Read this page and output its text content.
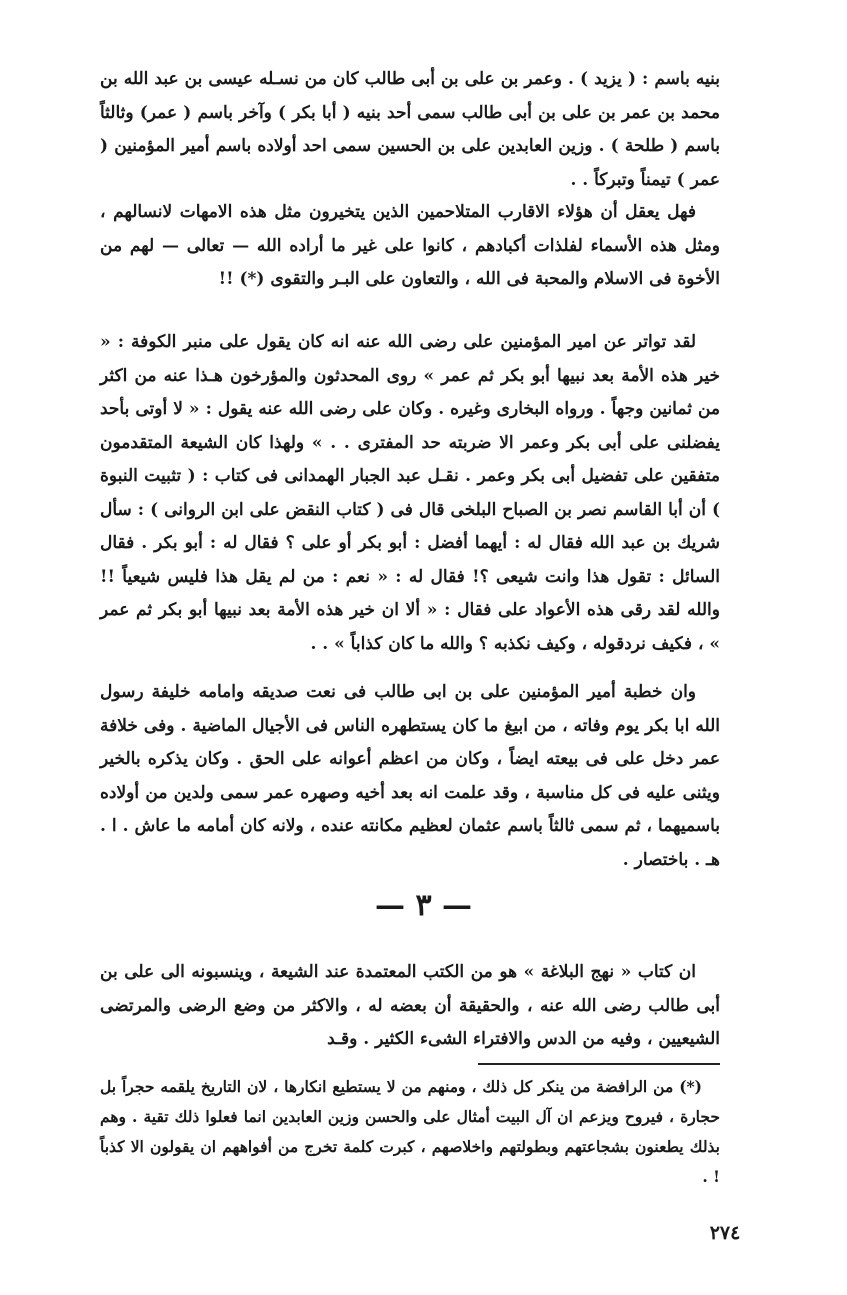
بنيه باسم : ( يزيد ) . وعمر بن على بن أبى طالب كان من نسـله عيسى بن عبد الله بن محمد بن عمر بن على بن أبى طالب سمى أحد بنيه ( أبا بكر ) وآخر باسم ( عمر) وثالثاً باسم ( طلحة ) . وزين العابدين على بن الحسين سمى احد أولاده باسم أمير المؤمنين ( عمر ) تيمناً وتبركاً . .

فهل يعقل أن هؤلاء الاقارب المتلاحمين الذين يتخيرون مثل هذه الامهات لانسالهم ، ومثل هذه الأسماء لفلذات أكبادهم ، كانوا على غير ما أراده الله — تعالى — لهم من الأخوة فى الاسلام والمحبة فى الله ، والتعاون على البـر والتقوى (*) !!

لقد تواتر عن امير المؤمنين على رضى الله عنه انه كان يقول على منبر الكوفة : « خير هذه الأمة بعد نبيها أبو بكر ثم عمر » روى المحدثون والمؤرخون هـذا عنه من اكثر من ثمانين وجهاً . ورواه البخارى وغيره . وكان على رضى الله عنه يقول : « لا أوتى بأحد يفضلنى على أبى بكر وعمر الا ضربته حد المفترى . . » ولهذا كان الشيعة المتقدمون متفقين على تفضيل أبى بكر وعمر . نقـل عبد الجبار الهمدانى فى كتاب : ( تثبيت النبوة ) أن أبا القاسم نصر بن الصباح البلخى قال فى ( كتاب النقض على ابن الروانى ) : سأل شريك بن عبد الله فقال له : أيهما أفضل : أبو بكر أو على ؟ فقال له : أبو بكر . فقال السائل : تقول هذا وانت شيعى ؟! فقال له : « نعم : من لم يقل هذا فليس شيعياً !! والله لقد رقى هذه الأعواد على فقال : « ألا ان خير هذه الأمة بعد نبيها أبو بكر ثم عمر » ، فكيف نردقوله ، وكيف نكذبه ؟ والله ما كان كذاباً » . .

وان خطبة أمير المؤمنين على بن ابى طالب فى نعت صديقه وامامه خليفة رسول الله ابا بكر يوم وفاته ، من ابيغ ما كان يستطهره الناس فى الأجيال الماضية . وفى خلافة عمر دخل على فى بيعته ايضاً ، وكان من اعظم أعوانه على الحق . وكان يذكره بالخير ويثنى عليه فى كل مناسبة ، وقد علمت انه بعد أخيه وصهره عمر سمى ولدين من أولاده باسميهما ، ثم سمى ثالثاً باسم عثمان لعظيم مكانته عنده ، ولانه كان أمامه ما عاش . ا . هـ . باختصار .

— ٣ —

ان كتاب « نهج البلاغة » هو من الكتب المعتمدة عند الشيعة ، وينسبونه الى على بن أبى طالب رضى الله عنه ، والحقيقة أن بعضه له ، والاكثر من وضع الرضى والمرتضى الشيعيين ، وفيه من الدس والافتراء الشىء الكثير . وقـد

(*) من الرافضة من ينكر كل ذلك ، ومنهم من لا يستطيع انكارها ، لان التاريخ يلقمه حجراً بل حجارة ، فيروح ويزعم ان آل البيت أمثال على والحسن وزين العابدين انما فعلوا ذلك تقية . وهم بذلك يطعنون بشجاعتهم وبطولتهم واخلاصهم ، كبرت كلمة تخرج من أفواههم ان يقولون الا كذباً ! .

٢٧٤
